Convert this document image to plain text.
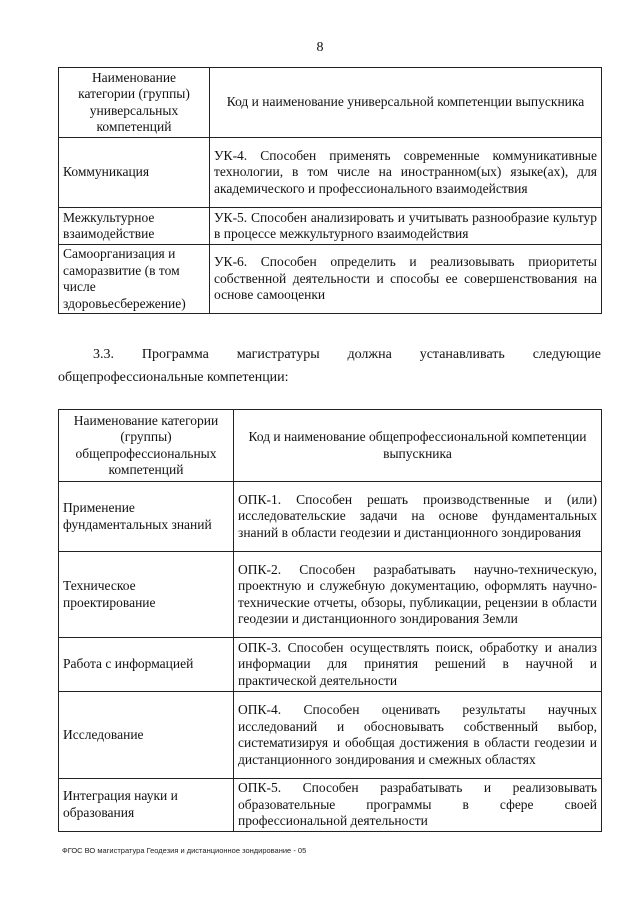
8
Наименование категории (группы) универсальных компетенций	Код и наименование универсальной компетенции выпускника
Коммуникация	УК-4. Способен применять современные коммуникативные технологии, в том числе на иностранном(ых) языке(ах), для академического и профессионального взаимодействия
Межкультурное взаимодействие	УК-5. Способен анализировать и учитывать разнообразие культур в процессе межкультурного взаимодействия
Самоорганизация и саморазвитие (в том числе здоровьесбережение)	УК-6. Способен определить и реализовывать приоритеты собственной деятельности и способы ее совершенствования на основе самооценки
3.3. Программа магистратуры должна устанавливать следующие
общепрофессиональные компетенции:
Наименование категории (группы) общепрофессиональных компетенций	Код и наименование общепрофессиональной компетенции выпускника
Применение фундаментальных знаний	ОПК-1. Способен решать производственные и (или) исследовательские задачи на основе фундаментальных знаний в области геодезии и дистанционного зондирования
Техническое проектирование	ОПК-2. Способен разрабатывать научно-техническую, проектную и служебную документацию, оформлять научно-технические отчеты, обзоры, публикации, рецензии в области геодезии и дистанционного зондирования Земли
Работа с информацией	ОПК-3. Способен осуществлять поиск, обработку и анализ информации для принятия решений в научной и практической деятельности
Исследование	ОПК-4. Способен оценивать результаты научных исследований и обосновывать собственный выбор, систематизируя и обобщая достижения в области геодезии и дистанционного зондирования и смежных областях
Интеграция науки и образования	ОПК-5. Способен разрабатывать и реализовывать образовательные программы в сфере своей профессиональной деятельности
ФГОС ВО магистратура Геодезия и дистанционное зондирование - 05
